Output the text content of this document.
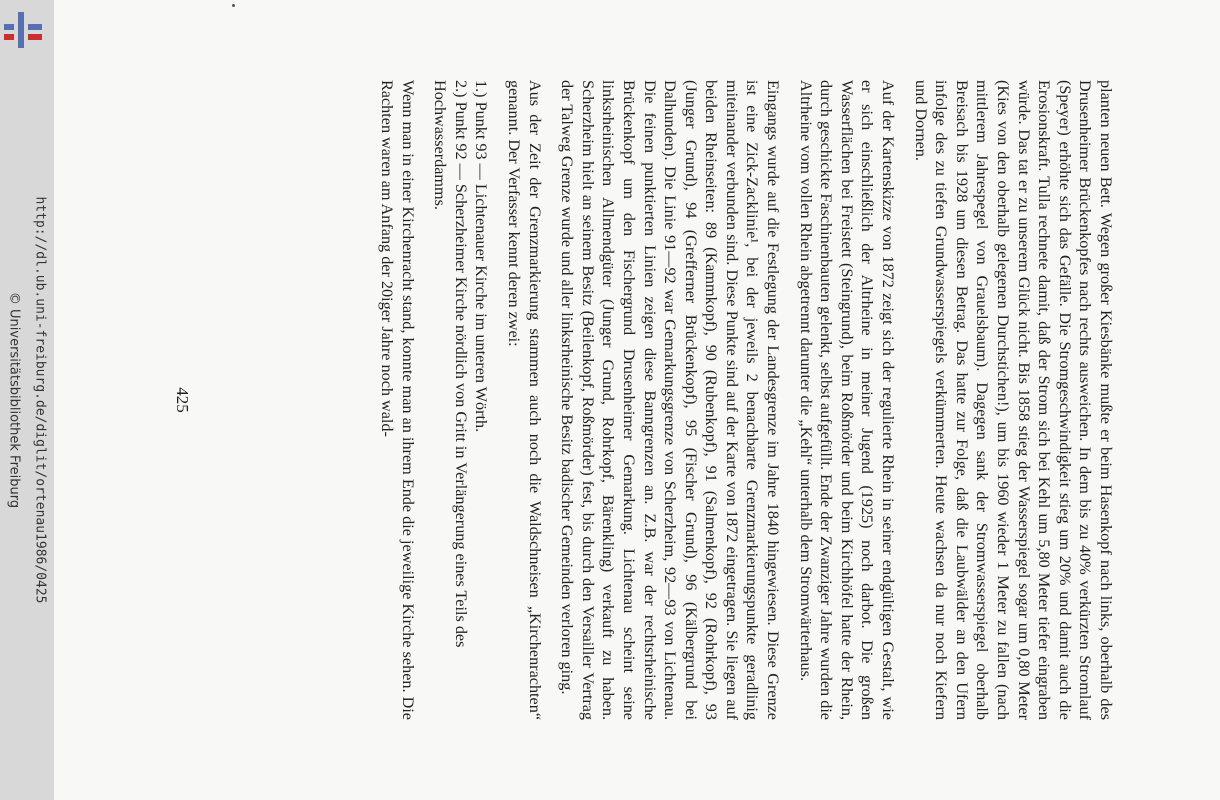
http://dl.ub.uni-freiburg.de/diglit/ortenau1986/0425
© Universitätsbibliothek Freiburg	planten neuen Bett. Wegen großer Kiesbänke mußte er beim Hasenkopf nach links, oberhalb des Drusenheimer Brückenkopfes nach rechts ausweichen. In dem bis zu 40% verkürzten Stromlauf (Speyer) erhöhte sich das Gefälle. Die Stromgeschwindigkeit stieg um 20% und damit auch die Erosionskraft. Tulla rechnete damit, daß der Strom sich bei Kehl um 5,80 Meter tiefer eingraben würde. Das tat er zu unserem Glück nicht. Bis 1858 stieg der Wasserspiegel sogar um 0,80 Meter (Kies von den oberhalb gelegenen Durchstichen!), um bis 1960 wieder 1 Meter zu fallen (nach mittlerem Jahrespegel von Grauelsbaum). Dagegen sank der Stromwasserspiegel oberhalb Breisach bis 1928 um diesen Betrag. Das hatte zur Folge, daß die Laubwälder an den Ufern infolge des zu tiefen Grundwasserspiegels verkümmerten. Heute wachsen da nur noch Kiefern und Dornen.

Auf der Kartenskizze von 1872 zeigt sich der regulierte Rhein in seiner endgültigen Gestalt, wie er sich einschließlich der Altrheine in meiner Jugend (1925) noch darbot. Die großen Wasserflächen bei Freistett (Steingrund), beim Roßmörder und beim Kirchhöfel hatte der Rhein, durch geschickte Faschinenbauten gelenkt, selbst aufgefüllt. Ende der Zwanziger Jahre wurden die Altrheine vom vollen Rhein abgetrennt darunter die „Kehl“ unterhalb dem Stromwärterhaus.

Eingangs wurde auf die Festlegung der Landesgrenze im Jahre 1840 hingewiesen. Diese Grenze ist eine Zick-Zacklinie¹, bei der jeweils 2 benachbarte Grenzmarkierungspunkte geradlinig miteinander verbunden sind. Diese Punkte sind auf der Karte von 1872 eingetragen. Sie liegen auf beiden Rheinseiten: 89 (Kammkopf), 90 (Rubenkopf), 91 (Salmenkopf), 92 (Rohrkopf), 93 (Junger Grund), 94 (Grefferner Brückenkopf), 95 (Fischer Grund), 96 (Kälbergrund bei Dalhunden). Die Linie 91—92 war Gemarkungsgrenze von Scherzheim, 92—93 von Lichtenau. Die feinen punktierten Linien zeigen diese Banngrenzen an. Z.B. war der rechtsrheinische Brückenkopf um den Fischergrund Drusenheimer Gemarkung. Lichtenau scheint seine linksrheinischen Allmendgüter (Junger Grund, Rohrkopf, Bärenkling) verkauft zu haben. Scherzheim hielt an seinem Besitz (Beilenkopf, Roßmörder) fest, bis durch den Versailler Vertrag der Talweg Grenze wurde und aller linksrheinische Besitz badischer Gemeinden verloren ging.

Aus der Zeit der Grenzmarkierung stammen auch noch die Waldschneisen „Kirchenrachten“ genannt. Der Verfasser kennt deren zwei:

1.) Punkt 93 — Lichtenauer Kirche im unteren Wörth.

2.) Punkt 92 — Scherzheimer Kirche nördlich von Gritt in Verlängerung eines Teils des Hochwasserdamms.

Wenn man in einer Kirchenracht stand, konnte man an ihrem Ende die jeweilige Kirche sehen. Die Rachten waren am Anfang der 20iger Jahre noch wald-

425
